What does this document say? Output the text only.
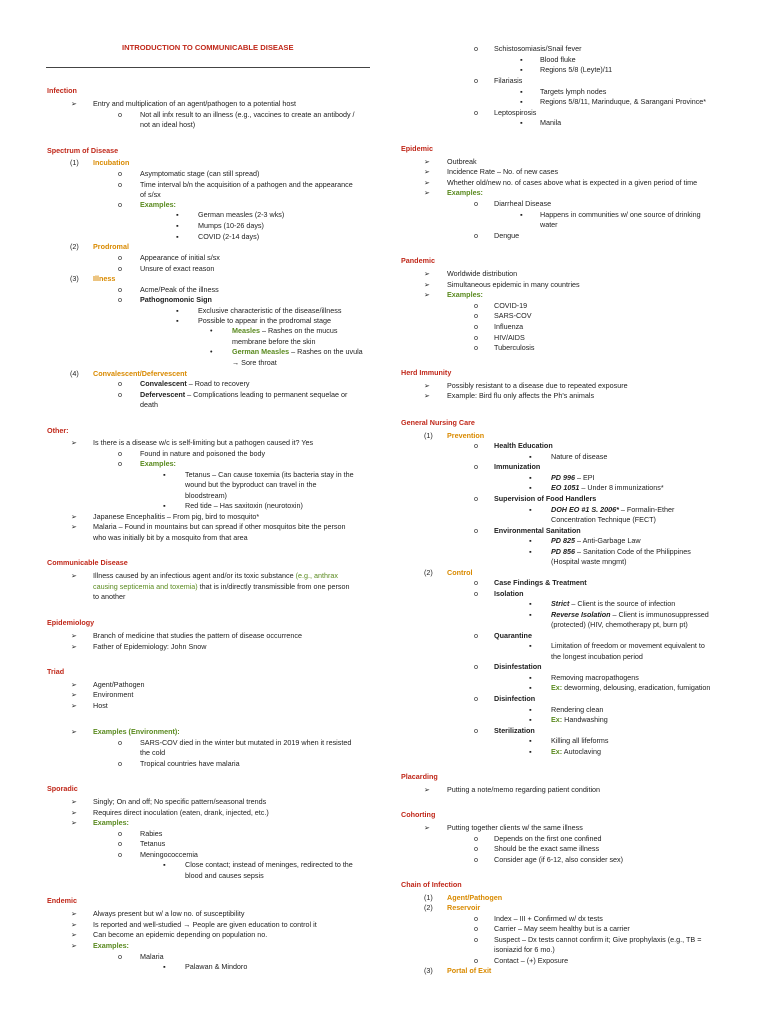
INTRODUCTION TO COMMUNICABLE DISEASE
Infection
➢ Entry and multiplication of an agent/pathogen to a potential host
o	Not all infx result to an illness (e.g., vaccines to create an antibody /
not an ideal host)
Spectrum of Disease
(1) Incubation
o	Asymptomatic stage (can still spread)
o	Time interval b/n the acquisition of a pathogen and the appearance
of s/sx
o	Examples:
▪	German measles (2-3 wks)
▪	Mumps (10-26 days)
▪	COVID (2-14 days)
(2) Prodromal
o	Appearance of initial s/sx
o	Unsure of exact reason
(3) Illness
o	Acme/Peak of the illness
o	Pathognomonic Sign
▪	Exclusive characteristic of the disease/illness
▪	Possible to appear in the prodromal stage
•	Measles – Rashes on the mucus
membrane before the skin
•	German Measles – Rashes on the uvula
→ Sore throat
(4) Convalescent/Defervescent
o	Convalescent – Road to recovery
o	Defervescent – Complications leading to permanent sequelae or
death
Other:
➢ Is there is a disease w/c is self-limiting but a pathogen caused it? Yes
o	Found in nature and poisoned the body
o	Examples:
▪	Tetanus – Can cause toxemia (its bacteria stay in the
wound but the byproduct can travel in the
bloodstream)
▪	Red tide – Has saxitoxin (neurotoxin)
➢ Japanese Encephalitis – From pig, bird to mosquito*
➢ Malaria – Found in mountains but can spread if other mosquitos bite the person
who was initially bit by a mosquito from that area
Communicable Disease
➢ Illness caused by an infectious agent and/or its toxic substance (e.g., anthrax
causing septicemia and toxemia) that is in/directly transmissible from one person
to another
Epidemiology
➢ Branch of medicine that studies the pattern of disease occurrence
➢ Father of Epidemiology: John Snow
Triad
➢ Agent/Pathogen
➢ Environment
➢ Host
➢ Examples (Environment):
o	SARS-COV died in the winter but mutated in 2019 when it resisted
the cold
o	Tropical countries have malaria
Sporadic
➢ Singly; On and off; No specific pattern/seasonal trends
➢ Requires direct inoculation (eaten, drank, injected, etc.)
➢ Examples:
o	Rabies
o	Tetanus
o	Meningococcemia
▪	Close contact; instead of meninges, redirected to the
blood and causes sepsis
Endemic
➢ Always present but w/ a low no. of susceptibility
➢ Is reported and well-studied → People are given education to control it
➢ Can become an epidemic depending on population no.
➢ Examples:
o	Malaria
▪	Palawan & Mindoro
o Schistosomiasis/Snail fever
▪ Blood fluke
▪ Regions 5/8 (Leyte)/11
o Filariasis
▪ Targets lymph nodes
▪ Regions 5/8/11, Marinduque, & Sarangani Province*
o Leptospirosis
▪ Manila
Epidemic
➢ Outbreak
➢ Incidence Rate – No. of new cases
➢ Whether old/new no. of cases above what is expected in a given period of time
➢ Examples:
o Diarrheal Disease
▪ Happens in communities w/ one source of drinking
water
o Dengue
Pandemic
➢ Worldwide distribution
➢ Simultaneous epidemic in many countries
➢ Examples:
o COVID-19
o SARS-COV
o Influenza
o HIV/AIDS
o Tuberculosis
Herd Immunity
➢ Possibly resistant to a disease due to repeated exposure
➢ Example: Bird flu only affects the Ph's animals
General Nursing Care
(1) Prevention
o Health Education
▪	Nature of disease
o Immunization
▪	PD 996 – EPI
▪	EO 1051 – Under 8 immunizations*
o Supervision of Food Handlers
▪	DOH EO #1 S. 2006* – Formalin-Ether
Concentration Technique (FECT)
o Environmental Sanitation
▪	PD 825 – Anti-Garbage Law
▪	PD 856 – Sanitation Code of the Philippines
(Hospital waste mngmt)
(2) Control
o Case Findings & Treatment
o Isolation
▪	Strict – Client is the source of infection
▪	Reverse Isolation – Client is immunosuppressed
(protected) (HIV, chemotherapy pt, burn pt)
o Quarantine
▪	Limitation of freedom or movement equivalent to
the longest incubation period
o Disinfestation
▪	Removing macropathogens
▪	Ex: deworming, delousing, eradication, fumigation
o Disinfection
▪	Rendering clean
▪	Ex: Handwashing
o Sterilization
▪	Killing all lifeforms
▪	Ex: Autoclaving
Placarding
➢ Putting a note/memo regarding patient condition
Cohorting
➢ Putting together clients w/ the same illness
o Depends on the first one confined
o Should be the exact same illness
o Consider age (if 6-12, also consider sex)
Chain of Infection
(1) Agent/Pathogen
(2) Reservoir
o Index – III + Confirmed w/ dx tests
o Carrier – May seem healthy but is a carrier
o Suspect – Dx tests cannot confirm it; Give prophylaxis (e.g., TB =
isoniazid for 6 mo.)
o Contact – (+) Exposure
(3) Portal of Exit
